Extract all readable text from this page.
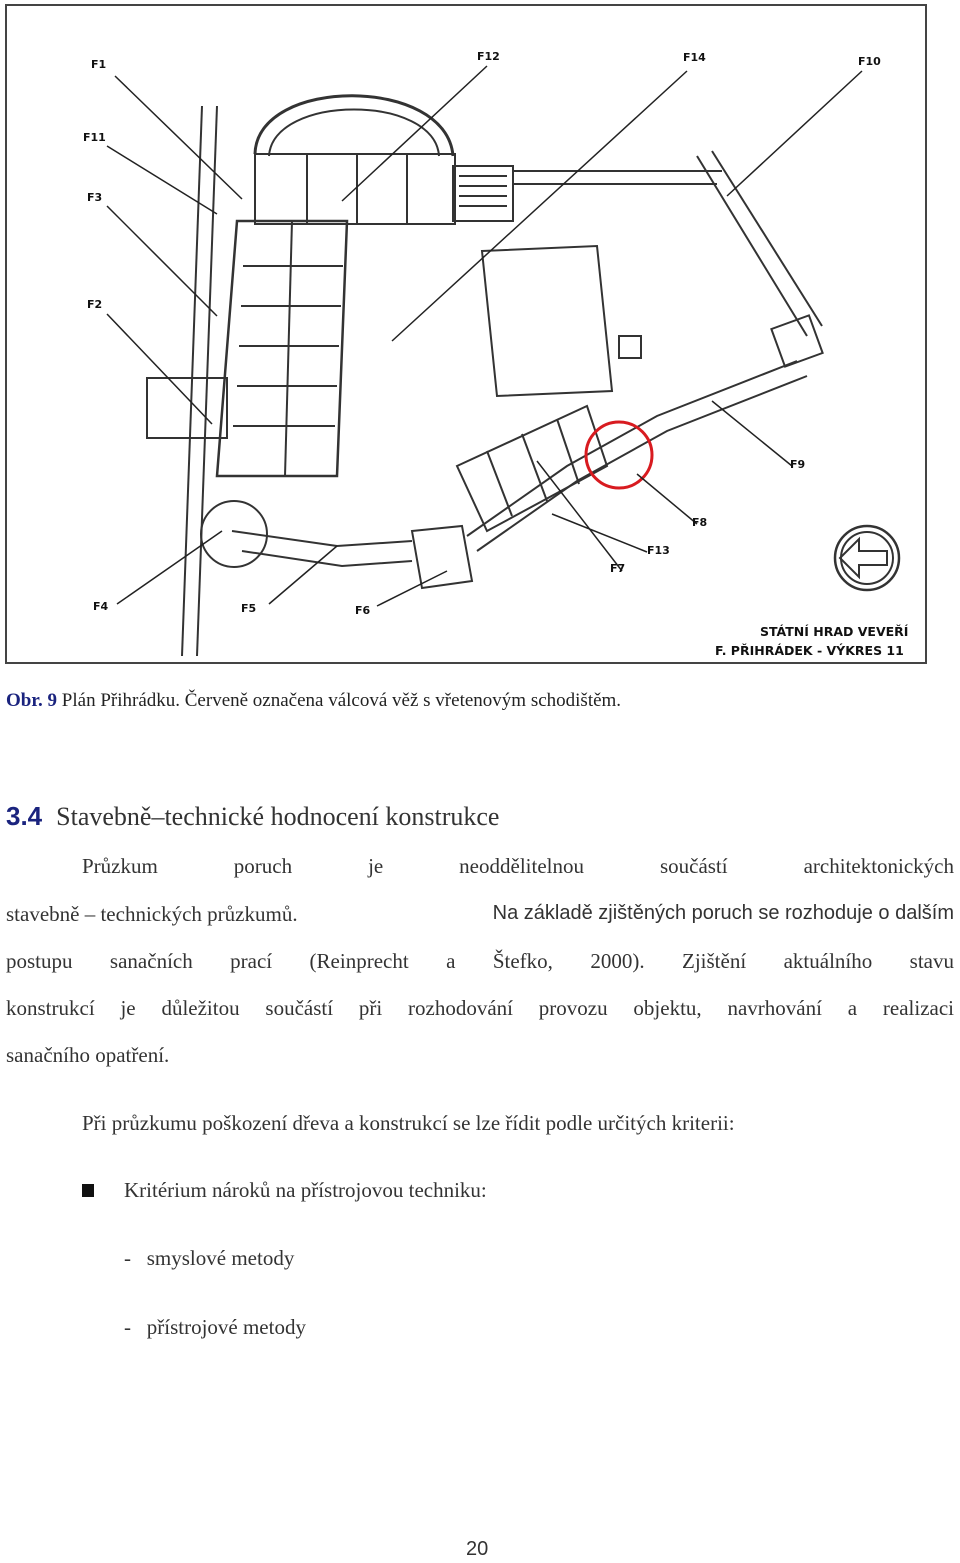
F1
F11
F3
F2
F4	F5	F6
F12	F14	F10
F9
F8
F13
F7
STÁTNÍ HRAD VEVEŘÍ
F. PŘIHRÁDEK - VÝKRES 11
Obr. 9 Plán Přihrádku. Červeně označena válcová věž s vřetenovým schodištěm.
3.4 Stavebně–technické hodnocení konstrukce
Průzkum poruch je neoddělitelnou součástí architektonických
stavebně – technických průzkumů.	Na základě zjištěných poruch se rozhoduje o dalším
postupu sanačních prací (Reinprecht a Štefko, 2000). Zjištění aktuálního stavu
konstrukcí je důležitou součástí při rozhodování provozu objektu, navrhování a realizaci
sanačního opatření.
Při průzkumu poškození dřeva a konstrukcí se lze řídit podle určitých kriterii:
Kritérium nároků na přístrojovou techniku:
-   smyslové metody
-   přístrojové metody
20
